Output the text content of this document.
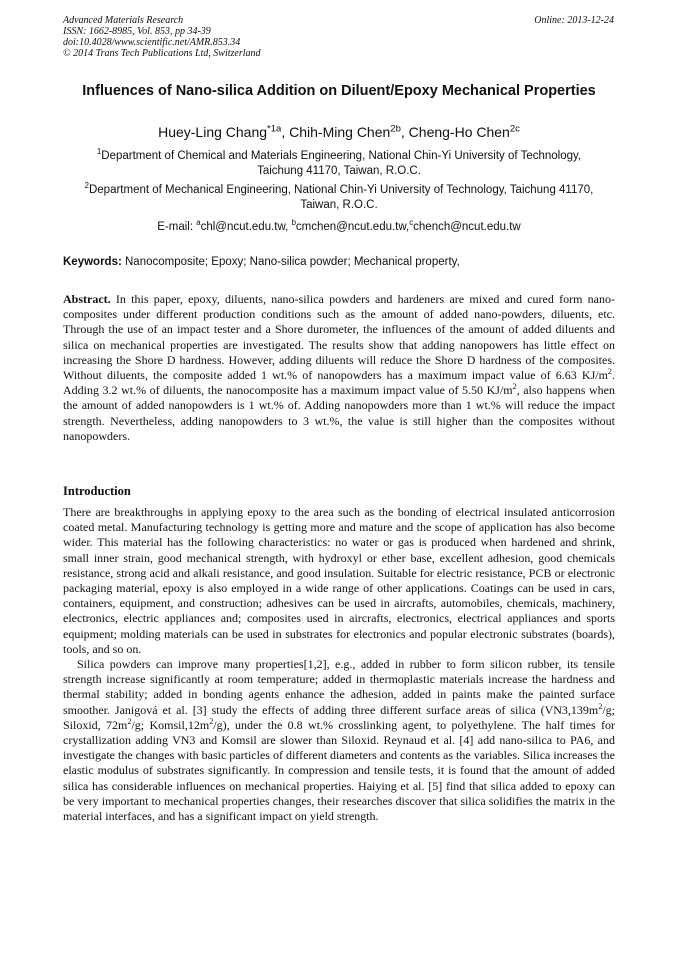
Advanced Materials Research
ISSN: 1662-8985, Vol. 853, pp 34-39
doi:10.4028/www.scientific.net/AMR.853.34
© 2014 Trans Tech Publications Ltd, Switzerland
Online: 2013-12-24
Influences of Nano-silica Addition on Diluent/Epoxy Mechanical Properties
Huey-Ling Chang$^{*1a}$, Chih-Ming Chen$^{2b}$, Cheng-Ho Chen$^{2c}$
$^1$Department of Chemical and Materials Engineering, National Chin-Yi University of Technology,
Taichung 41170, Taiwan, R.O.C.
$^2$Department of Mechanical Engineering, National Chin-Yi University of Technology, Taichung 41170,
Taiwan, R.O.C.
E-mail: $^a$chl@ncut.edu.tw, $^b$cmchen@ncut.edu.tw,$^c$chench@ncut.edu.tw
Keywords: Nanocomposite; Epoxy; Nano-silica powder; Mechanical property,
Abstract. In this paper, epoxy, diluents, nano-silica powders and hardeners are mixed and cured form nano-composites under different production conditions such as the amount of added nano-powders, diluents, etc. Through the use of an impact tester and a Shore durometer, the influences of the amount of added diluents and silica on mechanical properties are investigated. The results show that adding nanopowers has little effect on increasing the Shore D hardness. However, adding diluents will reduce the Shore D hardness of the composites. Without diluents, the composite added 1 wt.% of nanopowders has a maximum impact value of 6.63 $KJ/m^2$. Adding 3.2 wt.% of diluents, the nanocomposite has a maximum impact value of 5.50 $KJ/m^2$, also happens when the amount of added nanopowders is 1 wt.% of. Adding nanopowders more than 1 wt.% will reduce the impact strength. Nevertheless, adding nanopowders to 3 wt.%, the value is still higher than the composites without nanopowders.
Introduction

There are breakthroughs in applying epoxy to the area such as the bonding of electrical insulated anticorrosion coated metal. Manufacturing technology is getting more and mature and the scope of application has also become wider. This material has the following characteristics: no water or gas is produced when hardened and shrink, small inner strain, good mechanical strength, with hydroxyl or ether base, excellent adhesion, good chemicals resistance, strong acid and alkali resistance, and good insulation. Suitable for electric resistance, PCB or electronic packaging material, epoxy is also employed in a wide range of other applications. Coatings can be used in cars, containers, equipment, and construction; adhesives can be used in aircrafts, automobiles, chemicals, machinery, electronics, electric appliances and; composites used in aircrafts, electronics, electrical appliances and sports equipment; molding materials can be used in substrates for electronics and popular electronic substrates (boards), tools, and so on.

Silica powders can improve many properties[1,2], e.g., added in rubber to form silicon rubber, its tensile strength increase significantly at room temperature; added in thermoplastic materials increase the hardness and thermal stability; added in bonding agents enhance the adhesion, added in paints make the painted surface smoother. Janigová et al. [3] study the effects of adding three different surface areas of silica ($VN3,139m^2/g$; Siloxid, $72m^2/g$; $Komsil,12m^2/g$), under the 0.8 wt.% crosslinking agent, to polyethylene. The half times for crystallization adding VN3 and Komsil are slower than Siloxid. Reynaud et al. [4] add nano-silica to PA6, and investigate the changes with basic particles of different diameters and contents as the variables. Silica increases the elastic modulus of substrates significantly. In compression and tensile tests, it is found that the amount of added silica has considerable influences on mechanical properties. Haiying et al. [5] find that silica added to epoxy can be very important to mechanical properties changes, their researches discover that silica solidifies the matrix in the material interfaces, and has a significant impact on yield strength.
